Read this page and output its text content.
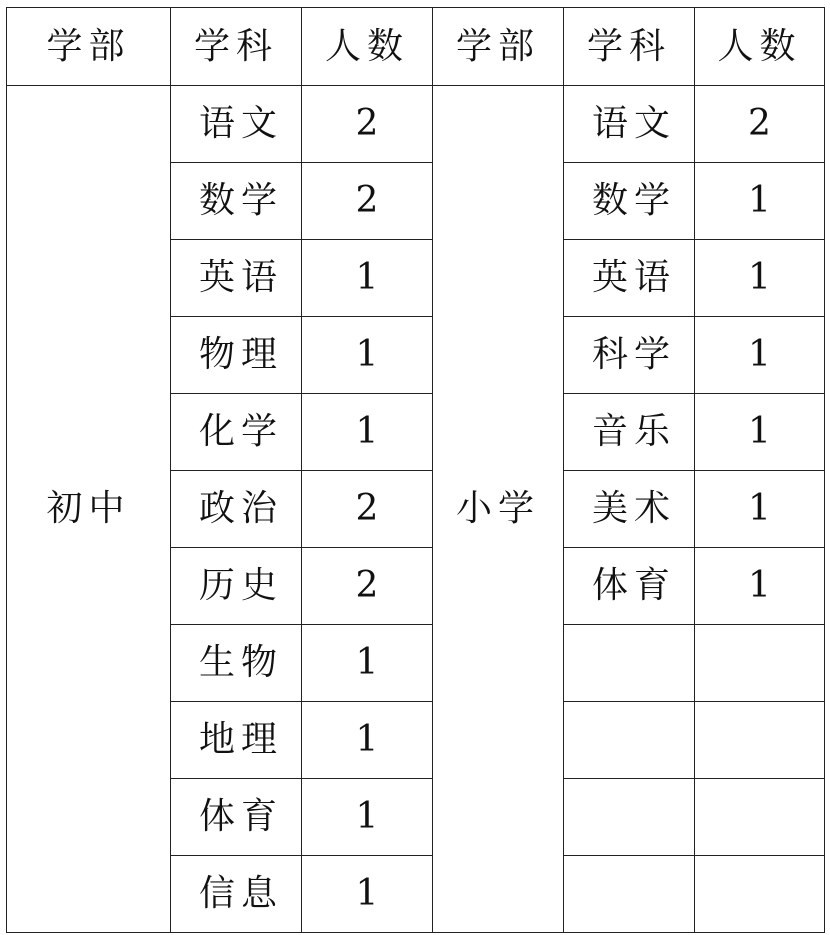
学部	学科	人数	学部	学科	人数
初中	语文	2	小学	语文	2
	数学	2		数学	1
	英语	1		英语	1
	物理	1		科学	1
	化学	1		音乐	1
	政治	2		美术	1
	历史	2		体育	1
	生物	1			
	地理	1			
	体育	1			
	信息	1			
